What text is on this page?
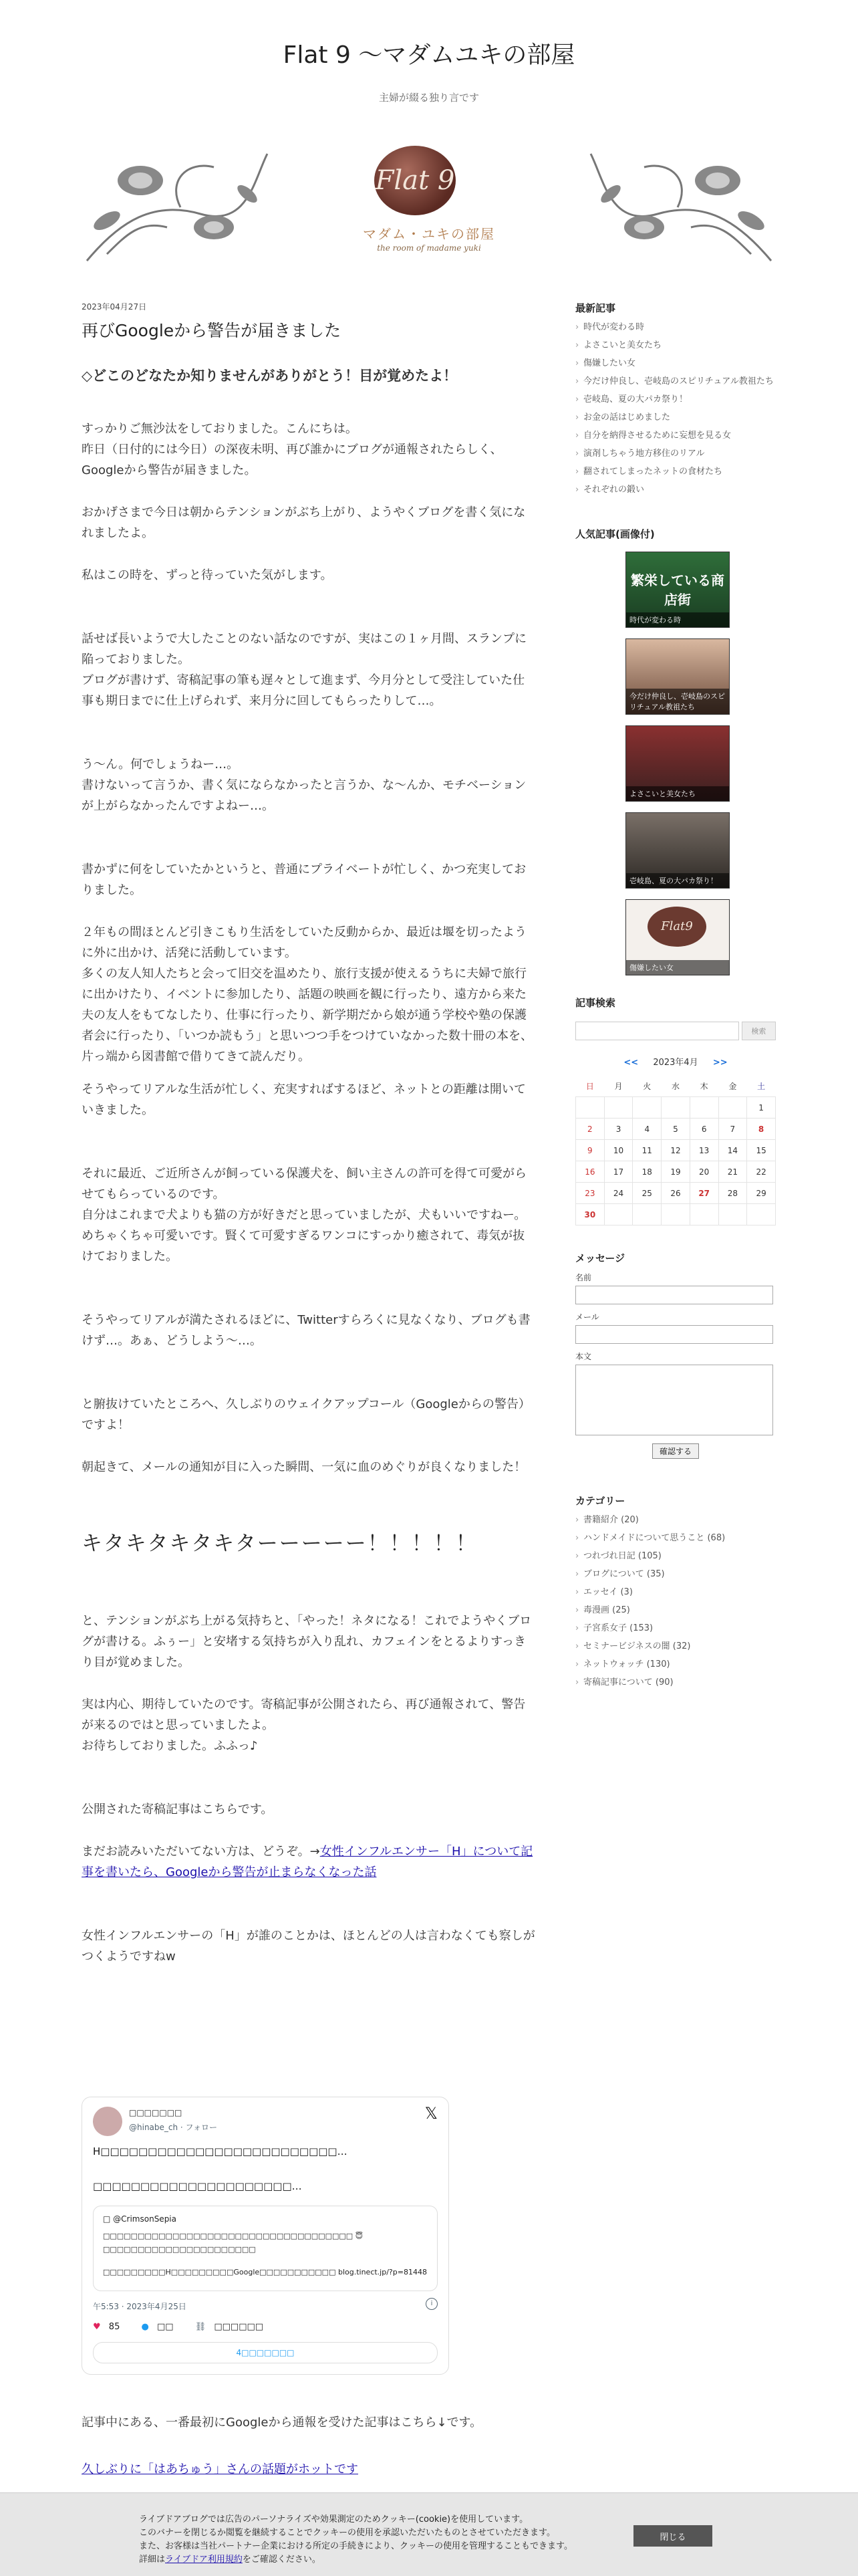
Flat 9 〜マダムユキの部屋
主婦が綴る独り言です
Flat 9
マダム・ユキの部屋
the room of madame yuki
2023年04月27日
再びGoogleから警告が届きました

◇どこのどなたか知りませんがありがとう！目が覚めたよ！

すっかりご無沙汰をしておりました。こんにちは。

昨日（日付的には今日）の深夜未明、再び誰かにブログが通報されたらしく、Googleから警告が届きました。

おかげさまで今日は朝からテンションがぶち上がり、ようやくブログを書く気になれましたよ。

私はこの時を、ずっと待っていた気がします。

話せば長いようで大したことのない話なのですが、実はこの１ヶ月間、スランプに陥っておりました。

ブログが書けず、寄稿記事の筆も遅々として進まず、今月分として受注していた仕事も期日までに仕上げられず、来月分に回してもらったりして…。

う〜ん。何でしょうねー…。

書けないって言うか、書く気にならなかったと言うか、な〜んか、モチベーションが上がらなかったんですよねー…。

書かずに何をしていたかというと、普通にプライベートが忙しく、かつ充実しておりました。

２年もの間ほとんど引きこもり生活をしていた反動からか、最近は堰を切ったように外に出かけ、活発に活動しています。

多くの友人知人たちと会って旧交を温めたり、旅行支援が使えるうちに夫婦で旅行に出かけたり、イベントに参加したり、話題の映画を観に行ったり、遠方から来た夫の友人をもてなしたり、仕事に行ったり、新学期だから娘が通う学校や塾の保護者会に行ったり、「いつか読もう」と思いつつ手をつけていなかった数十冊の本を、片っ端から図書館で借りてきて読んだり。

そうやってリアルな生活が忙しく、充実すればするほど、ネットとの距離は開いていきました。

それに最近、ご近所さんが飼っている保護犬を、飼い主さんの許可を得て可愛がらせてもらっているのです。

自分はこれまで犬よりも猫の方が好きだと思っていましたが、犬もいいですねー。めちゃくちゃ可愛いです。賢くて可愛すぎるワンコにすっかり癒されて、毒気が抜けておりました。

そうやってリアルが満たされるほどに、Twitterすらろくに見なくなり、ブログも書けず…。あぁ、どうしよう〜…。

と腑抜けていたところへ、久しぶりのウェイクアップコール（Googleからの警告）ですよ！

朝起きて、メールの通知が目に入った瞬間、一気に血のめぐりが良くなりました！

キタキタキタキターーーーー！！！！！

と、テンションがぶち上がる気持ちと、「やった！ネタになる！これでようやくブログが書ける。ふぅー」と安堵する気持ちが入り乱れ、カフェインをとるよりすっきり目が覚めました。

実は内心、期待していたのです。寄稿記事が公開されたら、再び通報されて、警告が来るのではと思っていましたよ。

お待ちしておりました。ふふっ♪

公開された寄稿記事はこちらです。

まだお読みいただいてない方は、どうぞ。→女性インフルエンサー「H」について記事を書いたら、Googleから警告が止まらなくなった話

女性インフルエンサーの「H」が誰のことかは、ほとんどの人は言わなくても察しがつくようですねw

□□□□□□□
@hinabe_ch · フォロー
𝕏
H□□□□□□□□□□□□□□□□□□□□□□□□□…
□□□□□□□□□□□□□□□□□□□□□…
□ @CrimsonSepia
□□□□□□□□□□□□□□□□□□□□□□□□□□□□□□□□□□□□ 😇
□□□□□□□□□□□□□□□□□□□□□□
□□□□□□□□□H□□□□□□□□□Google□□□□□□□□□□□ blog.tinect.jp/?p=81448
午5:53 · 2023年4月25日	i
♥ 85 ● □□ ⛓ □□□□□□
4□□□□□□□

記事中にある、一番最初にGoogleから通報を受けた記事はこちら↓です。

久しぶりに「はあちゅう」さんの話題がホットです
最新記事
› 時代が変わる時
› よさこいと美女たち
› 傷嫌したい女
› 今だけ仲良し、壱岐島のスピリチュアル教祖たち
› 壱岐島、夏の大パカ祭り！
› お金の話はじめました
› 自分を納得させるために妄想を見る女
› 演剤しちゃう地方移住のリアル
› 翻されてしまったネットの食材たち
› それぞれの鍛い
人気記事(画像付)
繁栄している商店街
時代が変わる時
今だけ仲良し、壱岐島のスピリチュアル教祖たち
よさこいと美女たち
壱岐島、夏の大パカ祭り！
Flat9
傷嫌したい女
記事検索
検索
<< 2023年4月 >>
日	月	火	水	木	金	土
						1
2	3	4	5	6	7	8
9	10	11	12	13	14	15
16	17	18	19	20	21	22
23	24	25	26	27	28	29
30						
メッセージ
名前
メール
本文
確認する
カテゴリー
› 書籍紹介 (20)
› ハンドメイドについて思うこと (68)
› つれづれ日記 (105)
› ブログについて (35)
› エッセイ (3)
› 毒漫画 (25)
› 子宮系女子 (153)
› セミナービジネスの闇 (32)
› ネットウォッチ (130)
› 寄稿記事について (90)
ライブドアブログでは広告のパーソナライズや効果測定のためクッキー(cookie)を使用しています。
このバナーを閉じるか閲覧を継続することでクッキーの使用を承認いただいたものとさせていただきます。
また、お客様は当社パートナー企業における所定の手続きにより、クッキーの使用を管理することもできます。
詳細はライブドア利用規約をご確認ください。
閉じる
